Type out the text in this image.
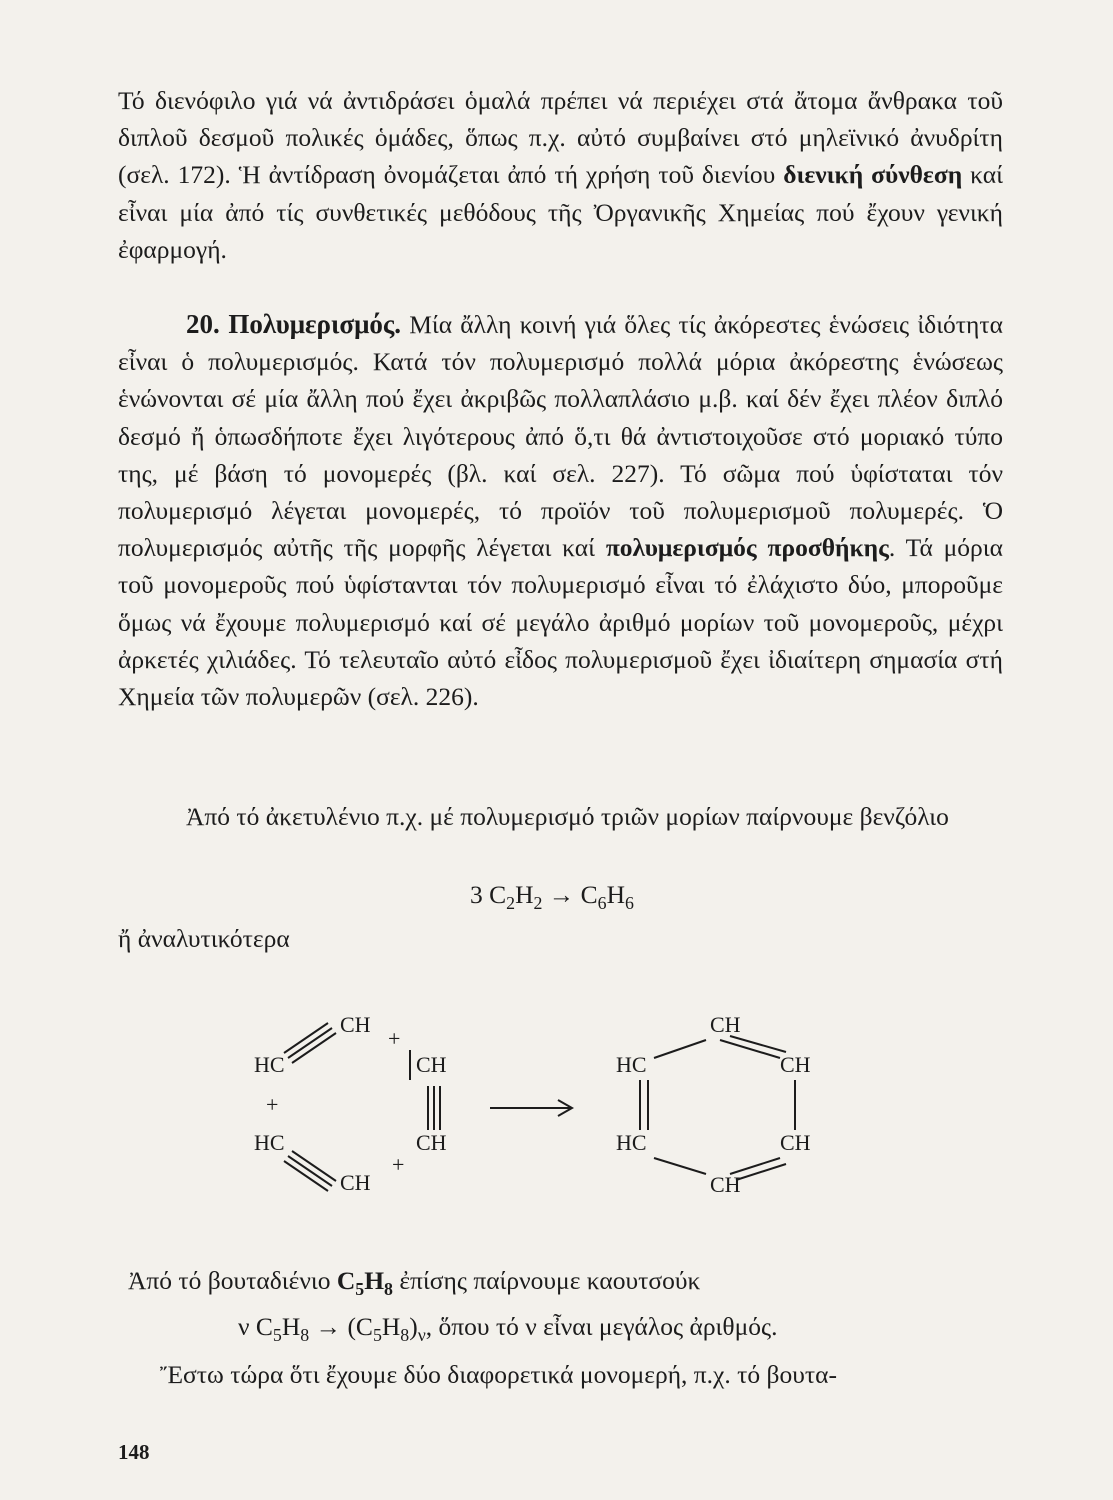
Τό διενόφιλο γιά νά ἀντιδράσει ὁμαλά πρέπει νά περιέχει στά ἄτομα ἄνθρακα τοῦ διπλοῦ δεσμοῦ πολικές ὁμάδες, ὅπως π.χ. αὐτό συμβαίνει στό μηλεϊνικό ἀνυδρίτη (σελ. 172). Ἡ ἀντίδραση ὀνομάζεται ἀπό τή χρήση τοῦ διενίου διενική σύνθεση καί εἶναι μία ἀπό τίς συνθετικές μεθόδους τῆς Ὀργανικῆς Χημείας πού ἔχουν γενική ἐφαρμογή.
20. Πολυμερισμός. Μία ἄλλη κοινή γιά ὅλες τίς ἀκόρεστες ἑνώσεις ἰδιότητα εἶναι ὁ πολυμερισμός. Κατά τόν πολυμερισμό πολλά μόρια ἀκόρεστης ἑνώσεως ἑνώνονται σέ μία ἄλλη πού ἔχει ἀκριβῶς πολλαπλάσιο μ.β. καί δέν ἔχει πλέον διπλό δεσμό ἤ ὁπωσδήποτε ἔχει λιγότερους ἀπό ὅ,τι θά ἀντιστοιχοῦσε στό μοριακό τύπο της, μέ βάση τό μονομερές (βλ. καί σελ. 227). Τό σῶμα πού ὑφίσταται τόν πολυμερισμό λέγεται μονομερές, τό προϊόν τοῦ πολυμερισμοῦ πολυμερές. Ὁ πολυμερισμός αὐτῆς τῆς μορφῆς λέγεται καί πολυμερισμός προσθήκης. Τά μόρια τοῦ μονομεροῦς πού ὑφίστανται τόν πολυμερισμό εἶναι τό ἐλάχιστο δύο, μποροῦμε ὅμως νά ἔχουμε πολυμερισμό καί σέ μεγάλο ἀριθμό μορίων τοῦ μονομεροῦς, μέχρι ἀρκετές χιλιάδες. Τό τελευταῖο αὐτό εἶδος πολυμερισμοῦ ἔχει ἰδιαίτερη σημασία στή Χημεία τῶν πολυμερῶν (σελ. 226).
Ἀπό τό ἀκετυλένιο π.χ. μέ πολυμερισμό τριῶν μορίων παίρνουμε βενζόλιο
3 $C_2H_2 \to C_6H_6$
ἤ ἀναλυτικότερα
CH
HC
+
+
+
CH
CH
HC
CH
CH
HC	CH
HC	CH
CH
Ἀπό τό βουταδιένιο $C_5H_8$ ἐπίσης παίρνουμε καουτσούκ
ν $C_5H_8 \to (C_5H_8)_\nu$, ὅπου τό ν εἶναι μεγάλος ἀριθμός.
Ἔστω τώρα ὅτι ἔχουμε δύο διαφορετικά μονομερή, π.χ. τό βουτα-
148
